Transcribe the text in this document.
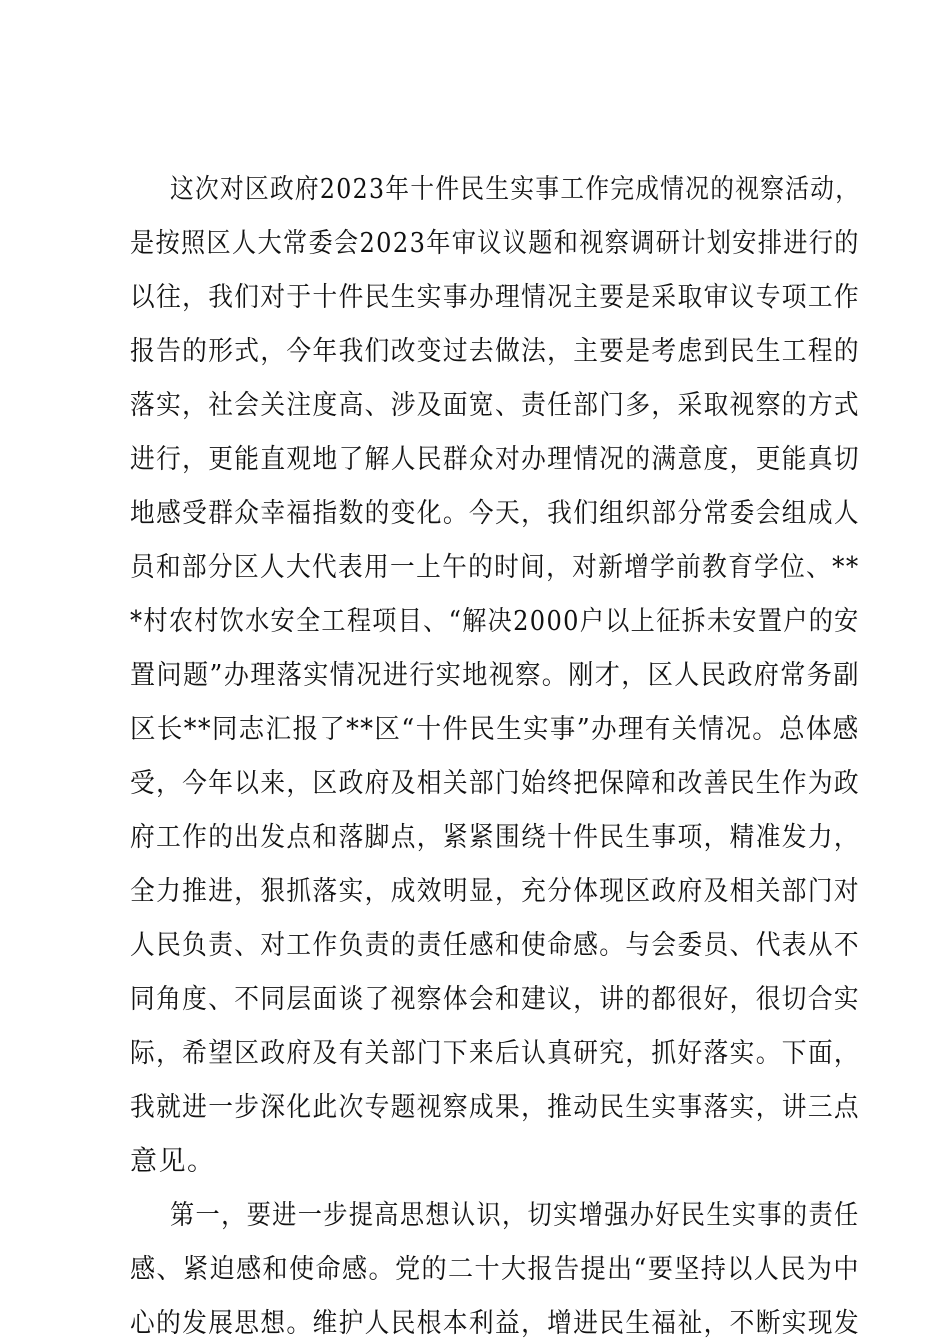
这次对区政府2023年十件民生实事工作完成情况的视察活动，
是按照区人大常委会2023年审议议题和视察调研计划安排进行的
以往，我们对于十件民生实事办理情况主要是采取审议专项工作
报告的形式，今年我们改变过去做法，主要是考虑到民生工程的
落实，社会关注度高、涉及面宽、责任部门多，采取视察的方式
进行，更能直观地了解人民群众对办理情况的满意度，更能真切
地感受群众幸福指数的变化。今天，我们组织部分常委会组成人
员和部分区人大代表用一上午的时间，对新增学前教育学位、**
*村农村饮水安全工程项目、“解决2000户以上征拆未安置户的安
置问题”办理落实情况进行实地视察。刚才，区人民政府常务副
区长**同志汇报了**区“十件民生实事”办理有关情况。总体感
受，今年以来，区政府及相关部门始终把保障和改善民生作为政
府工作的出发点和落脚点，紧紧围绕十件民生事项，精准发力，
全力推进，狠抓落实，成效明显，充分体现区政府及相关部门对
人民负责、对工作负责的责任感和使命感。与会委员、代表从不
同角度、不同层面谈了视察体会和建议，讲的都很好，很切合实
际，希望区政府及有关部门下来后认真研究，抓好落实。下面，
我就进一步深化此次专题视察成果，推动民生实事落实，讲三点
意见。
第一，要进一步提高思想认识，切实增强办好民生实事的责任
感、紧迫感和使命感。党的二十大报告提出“要坚持以人民为中
心的发展思想。维护人民根本利益，增进民生福祉，不断实现发
